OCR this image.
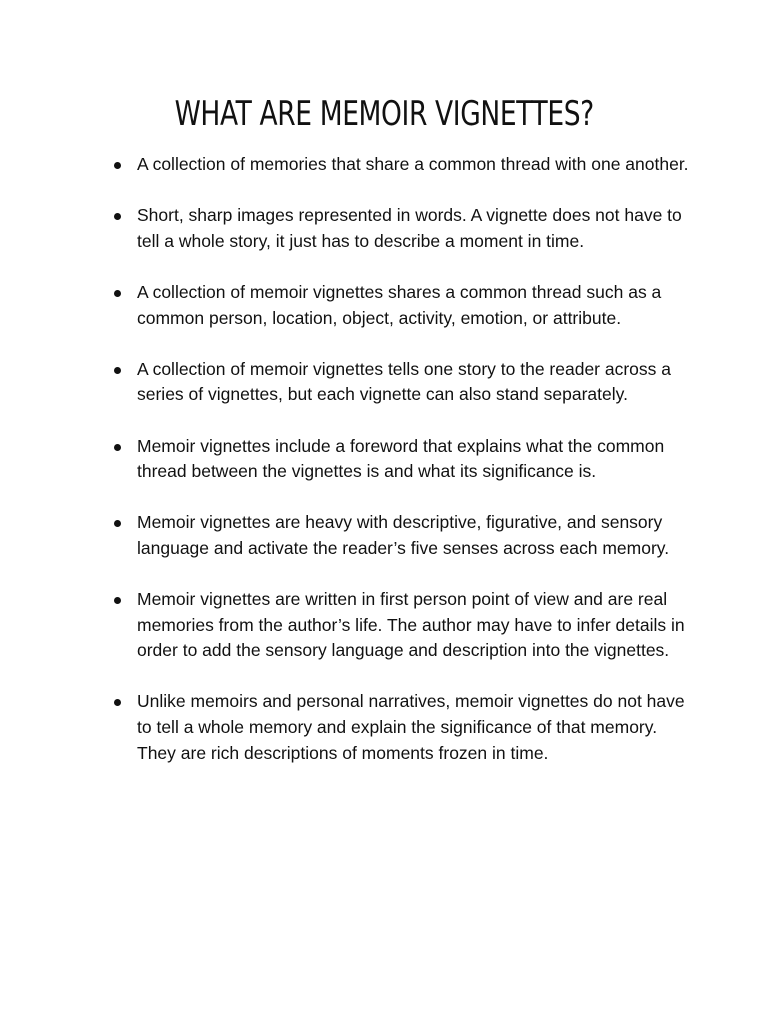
WHAT ARE MEMOIR VIGNETTES?
A collection of memories that share a common thread with one another.
Short, sharp images represented in words. A vignette does not have to tell a whole story, it just has to describe a moment in time.
A collection of memoir vignettes shares a common thread such as a common person, location, object, activity, emotion, or attribute.
A collection of memoir vignettes tells one story to the reader across a series of vignettes, but each vignette can also stand separately.
Memoir vignettes include a foreword that explains what the common thread between the vignettes is and what its significance is.
Memoir vignettes are heavy with descriptive, figurative, and sensory language and activate the reader’s five senses across each memory.
Memoir vignettes are written in first person point of view and are real memories from the author’s life. The author may have to infer details in order to add the sensory language and description into the vignettes.
Unlike memoirs and personal narratives, memoir vignettes do not have to tell a whole memory and explain the significance of that memory. They are rich descriptions of moments frozen in time.
